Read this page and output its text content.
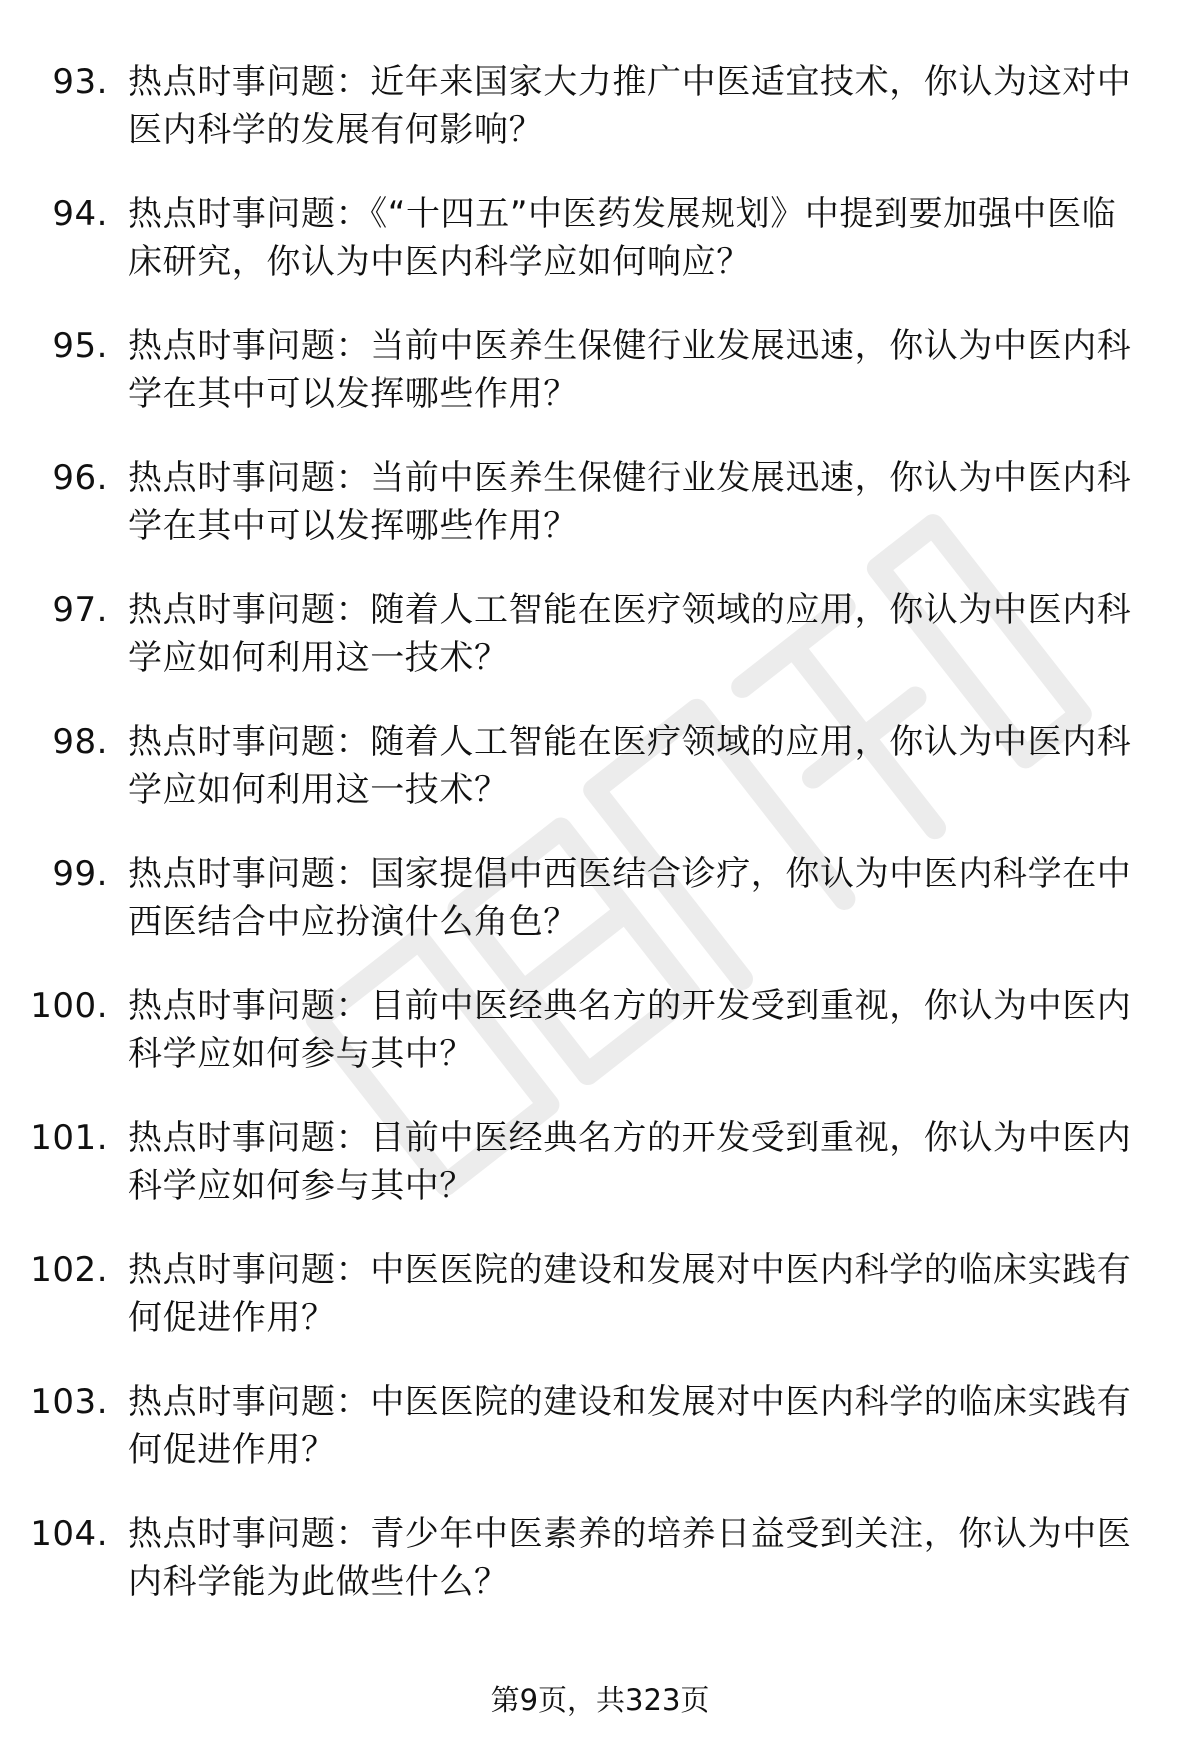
93. 热点时事问题：近年来国家大力推广中医适宜技术，你认为这对中医内科学的发展有何影响？
94. 热点时事问题：《“十四五”中医药发展规划》中提到要加强中医临床研究，你认为中医内科学应如何响应？
95. 热点时事问题：当前中医养生保健行业发展迅速，你认为中医内科学在其中可以发挥哪些作用？
96. 热点时事问题：当前中医养生保健行业发展迅速，你认为中医内科学在其中可以发挥哪些作用？
97. 热点时事问题：随着人工智能在医疗领域的应用，你认为中医内科学应如何利用这一技术？
98. 热点时事问题：随着人工智能在医疗领域的应用，你认为中医内科学应如何利用这一技术？
99. 热点时事问题：国家提倡中西医结合诊疗，你认为中医内科学在中西医结合中应扮演什么角色？
100. 热点时事问题：目前中医经典名方的开发受到重视，你认为中医内科学应如何参与其中？
101. 热点时事问题：目前中医经典名方的开发受到重视，你认为中医内科学应如何参与其中？
102. 热点时事问题：中医医院的建设和发展对中医内科学的临床实践有何促进作用？
103. 热点时事问题：中医医院的建设和发展对中医内科学的临床实践有何促进作用？
104. 热点时事问题：青少年中医素养的培养日益受到关注，你认为中医内科学能为此做些什么？
第9页，共323页
